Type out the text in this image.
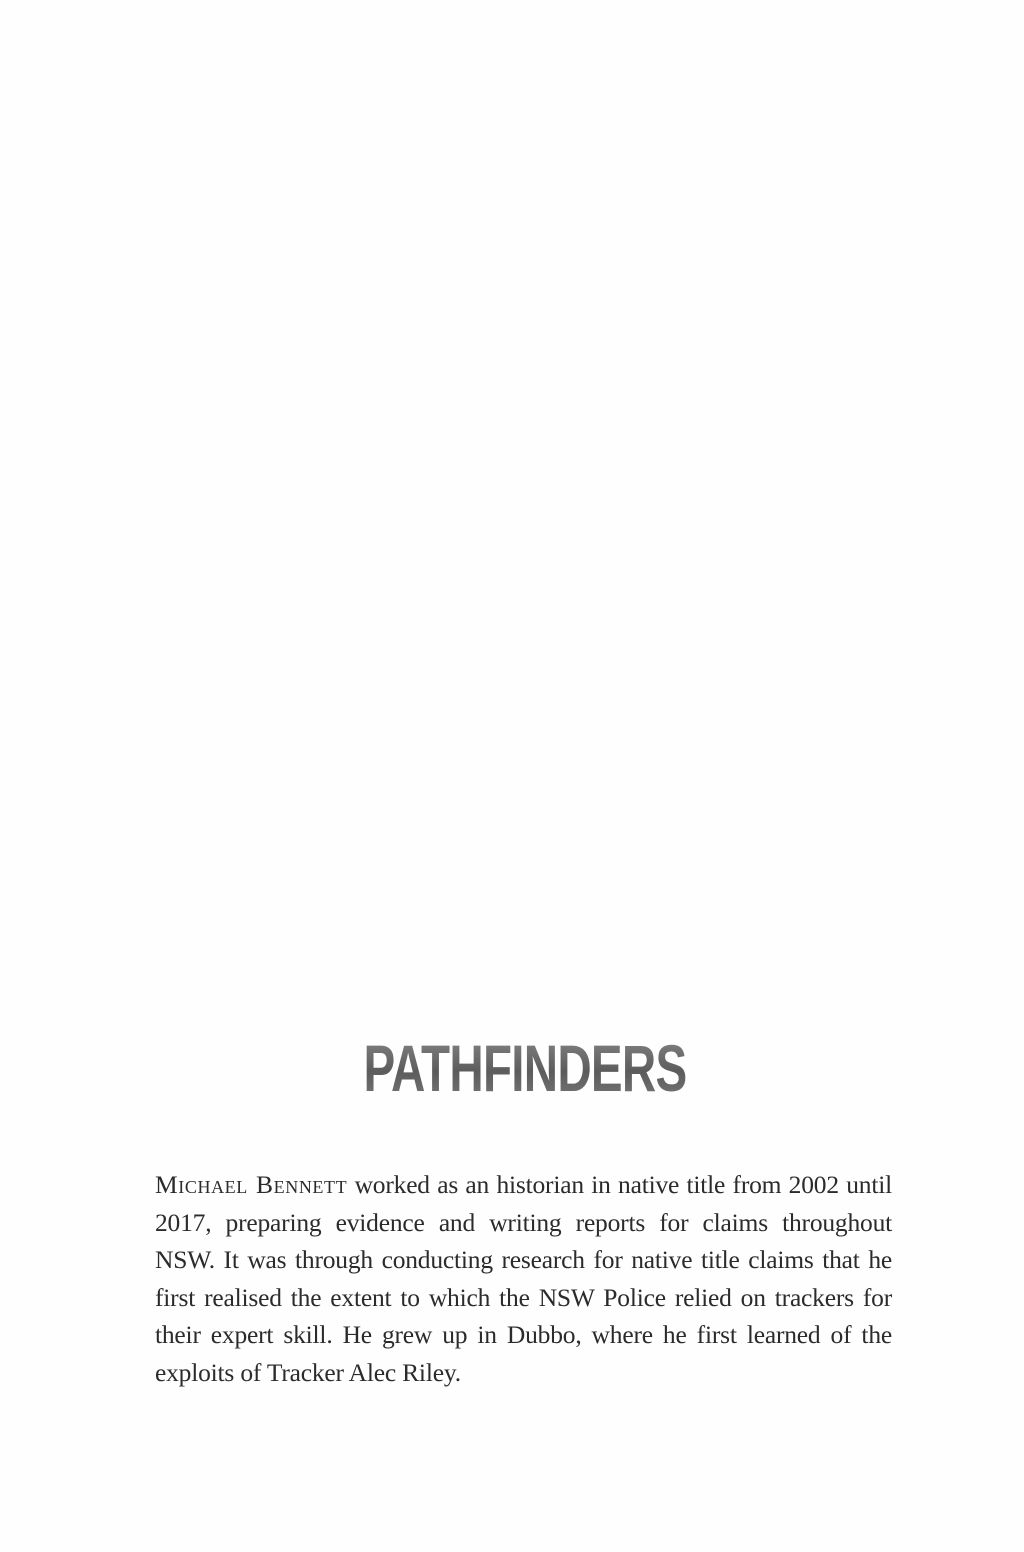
PATHFINDERS

Michael Bennett worked as an historian in native title from 2002 until 2017, preparing evidence and writing reports for claims throughout NSW. It was through conducting research for native title claims that he first realised the extent to which the NSW Police relied on trackers for their expert skill. He grew up in Dubbo, where he first learned of the exploits of Tracker Alec Riley.
